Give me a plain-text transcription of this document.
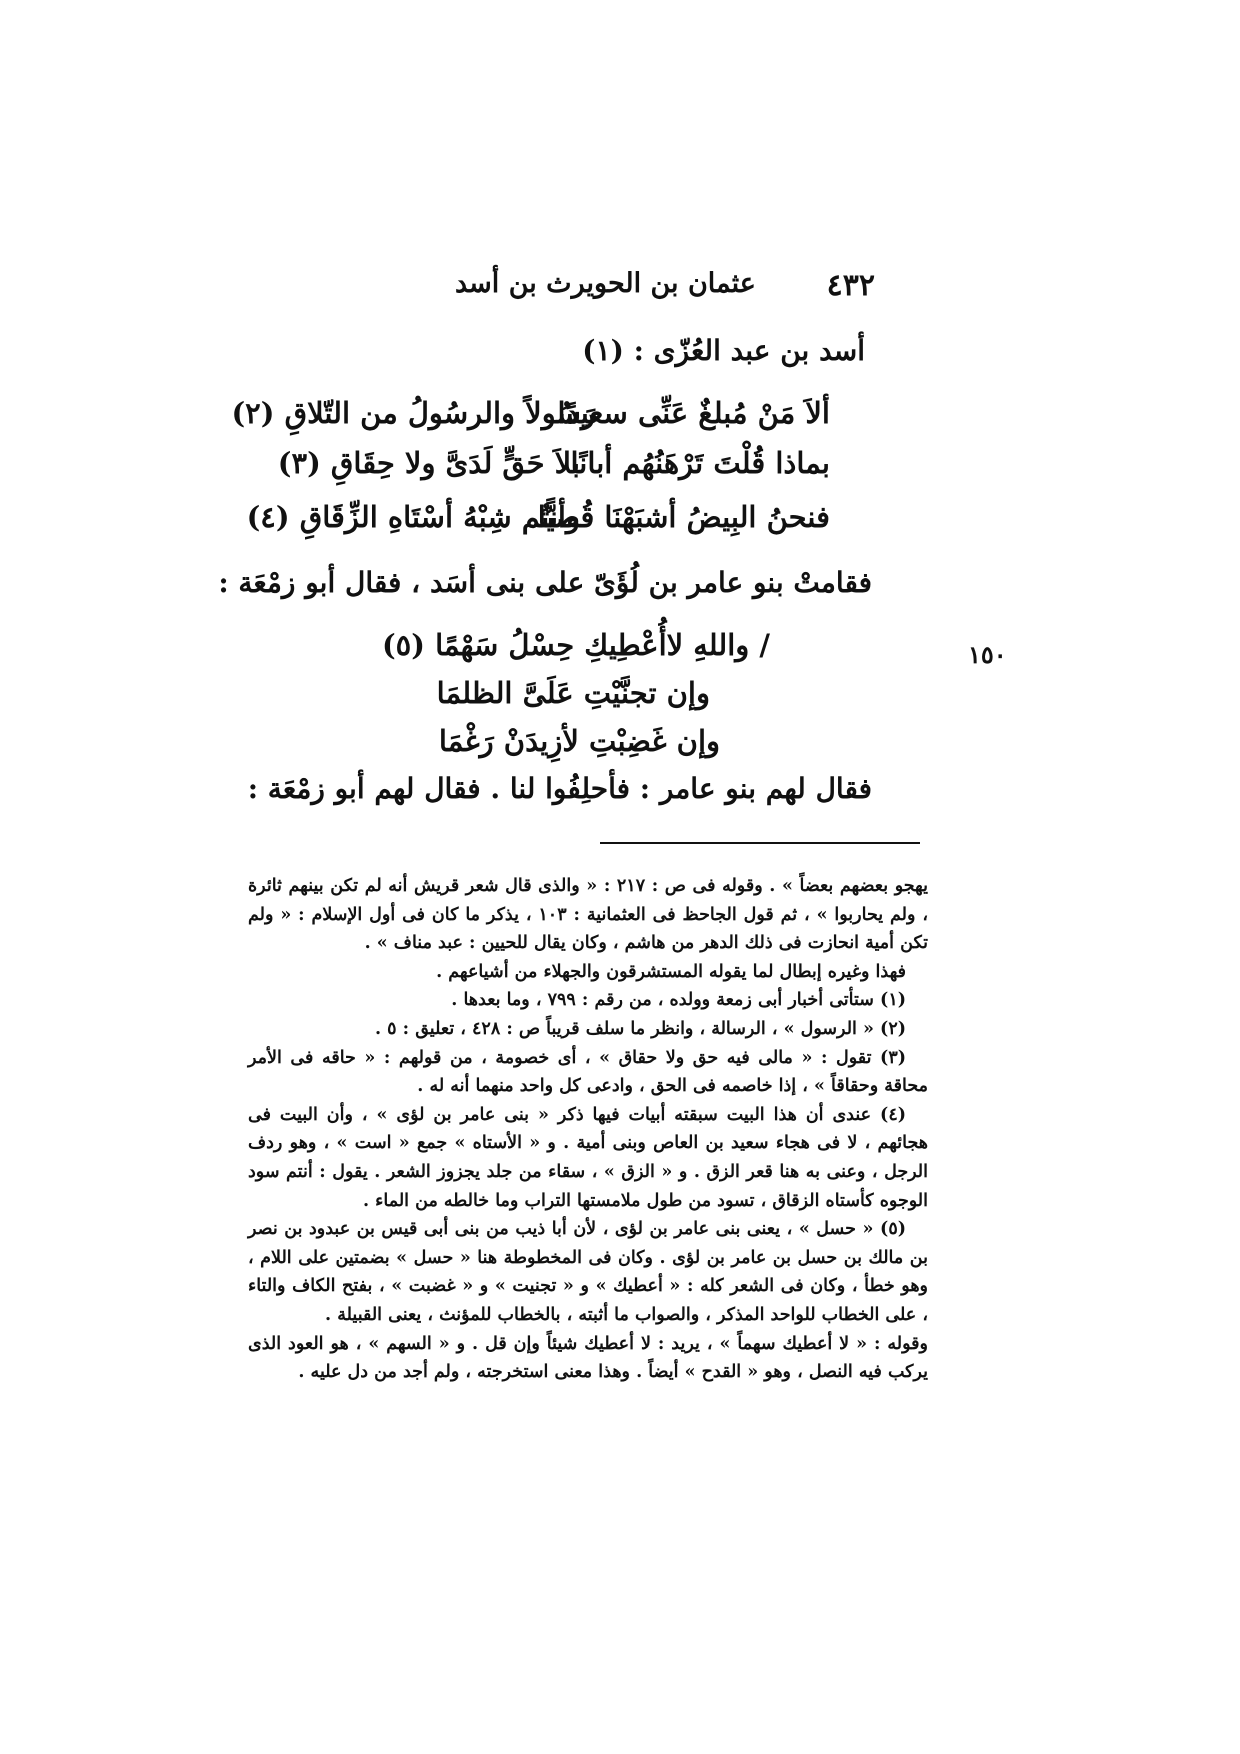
٤٣٢
عثمان بن الحويرث بن أسد
١٥٠
أسد بن عبد العُزّى : (١)
ألاَ مَنْ مُبلغٌ عَنِّى سعيدًا
رَسُولاً والرسُولُ من التّلاقِ (٢)
بماذا قُلْتَ تَرْهَنُهُم أبانًا
بلاَ حَقٍّ لَدَىَّ ولا حِقَاقِ (٣)
فنحنُ البِيضُ أشبَهْنَا قُصيًّا
وأنتُم شِبْهُ أسْتَاهِ الزِّقَاقِ (٤)
فقامتْ بنو عامر بن لُؤَىّ على بنى أسَد ، فقال أبو زمْعَة :
/ واللهِ لاأُعْطِيكِ حِسْلُ سَهْمًا (٥)
وإن تجنَّيْتِ عَلَىَّ الظلمَا
وإن غَضِبْتِ لأزِيدَنْ رَغْمَا
فقال لهم بنو عامر : فأحلِفُوا لنا . فقال لهم أبو زمْعَة :

يهجو بعضهم بعضاً » . وقوله فى ص : ٢١٧ : « والذى قال شعر قريش أنه لم تكن بينهم ثائرة ، ولم يحاربوا » ، ثم قول الجاحظ فى العثمانية : ١٠٣ ، يذكر ما كان فى أول الإسلام : « ولم تكن أمية انحازت فى ذلك الدهر من هاشم ، وكان يقال للحيين : عبد مناف » .

فهذا وغيره إبطال لما يقوله المستشرقون والجهلاء من أشياعهم .

(١) ستأتى أخبار أبى زمعة وولده ، من رقم : ٧٩٩ ، وما بعدها .

(٢) « الرسول » ، الرسالة ، وانظر ما سلف قريباً ص : ٤٢٨ ، تعليق : ٥ .

(٣) تقول : « مالى فيه حق ولا حقاق » ، أى خصومة ، من قولهم : « حاقه فى الأمر محاقة وحقاقاً » ، إذا خاصمه فى الحق ، وادعى كل واحد منهما أنه له .

(٤) عندى أن هذا البيت سبقته أبيات فيها ذكر « بنى عامر بن لؤى » ، وأن البيت فى هجائهم ، لا فى هجاء سعيد بن العاص وبنى أمية . و « الأستاه » جمع « است » ، وهو ردف الرجل ، وعنى به هنا قعر الزق . و « الزق » ، سقاء من جلد يجزوز الشعر . يقول : أنتم سود الوجوه كأستاه الزقاق ، تسود من طول ملامستها التراب وما خالطه من الماء .

(٥) « حسل » ، يعنى بنى عامر بن لؤى ، لأن أبا ذيب من بنى أبى قيس بن عبدود بن نصر بن مالك بن حسل بن عامر بن لؤى . وكان فى المخطوطة هنا « حسل » بضمتين على اللام ، وهو خطأ ، وكان فى الشعر كله : « أعطيك » و « تجنيت » و « غضبت » ، بفتح الكاف والتاء ، على الخطاب للواحد المذكر ، والصواب ما أثبته ، بالخطاب للمؤنث ، يعنى القبيلة .

وقوله : « لا أعطيك سهماً » ، يريد : لا أعطيك شيئاً وإن قل . و « السهم » ، هو العود الذى يركب فيه النصل ، وهو « القدح » أيضاً . وهذا معنى استخرجته ، ولم أجد من دل عليه .
